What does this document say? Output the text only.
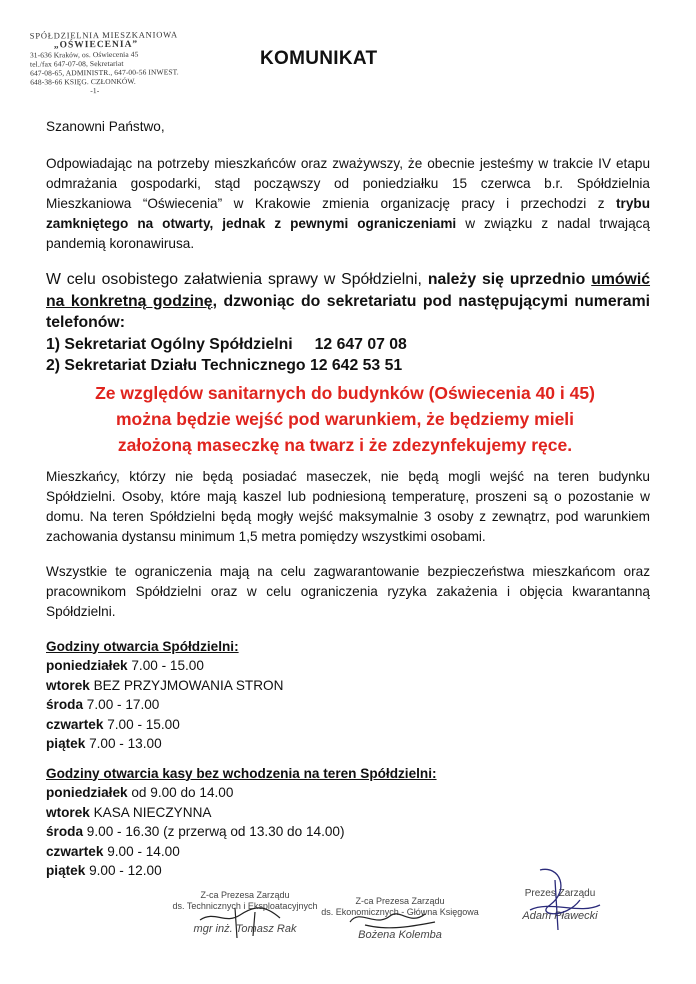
SPÓŁDZIELNIA MIESZKANIOWA
„OŚWIECENIA”
31-636 Kraków, os. Oświecenia 45
tel./fax 647-07-08, Sekretariat
647-08-65, ADMINISTR., 647-00-56 INWEST.
648-38-66 KSIĘG. CZŁONKÓW.
-1-
KOMUNIKAT

Szanowni Państwo,

Odpowiadając na potrzeby mieszkańców oraz zważywszy, że obecnie jesteśmy w trakcie IV etapu odmrażania gospodarki, stąd począwszy od poniedziałku 15 czerwca b.r. Spółdzielnia Mieszkaniowa “Oświecenia” w Krakowie zmienia organizację pracy i przechodzi z trybu zamkniętego na otwarty, jednak z pewnymi ograniczeniami w związku z nadal trwającą pandemią koronawirusa.

W celu osobistego załatwienia sprawy w Spółdzielni, należy się uprzednio umówić na konkretną godzinę, dzwoniąc do sekretariatu pod następującymi numerami telefonów:

1) Sekretariat Ogólny Spółdzielni     12 647 07 08
2) Sekretariat Działu Technicznego 12 642 53 51
Ze względów sanitarnych do budynków (Oświecenia 40 i 45)
można będzie wejść pod warunkiem, że będziemy mieli
założoną maseczkę na twarz i że zdezynfekujemy ręce.

Mieszkańcy, którzy nie będą posiadać maseczek, nie będą mogli wejść na teren budynku Spółdzielni. Osoby, które mają kaszel lub podniesioną temperaturę, proszeni są o pozostanie w domu. Na teren Spółdzielni będą mogły wejść maksymalnie 3 osoby z zewnątrz, pod warunkiem zachowania dystansu minimum 1,5 metra pomiędzy wszystkimi osobami.

Wszystkie te ograniczenia mają na celu zagwarantowanie bezpieczeństwa mieszkańcom oraz pracownikom Spółdzielni oraz w celu ograniczenia ryzyka zakażenia i objęcia kwarantanną Spółdzielni.

Godziny otwarcia Spółdzielni:
poniedziałek 7.00 - 15.00
wtorek BEZ PRZYJMOWANIA STRON
środa 7.00 - 17.00
czwartek 7.00 - 15.00
piątek 7.00 - 13.00
Godziny otwarcia kasy bez wchodzenia na teren Spółdzielni:
poniedziałek od 9.00 do 14.00
wtorek KASA NIECZYNNA
środa 9.00 - 16.30 (z przerwą od 13.30 do 14.00)
czwartek 9.00 - 14.00
piątek 9.00 - 12.00
Z-ca Prezesa Zarządu
ds. Technicznych i Eksploatacyjnych
mgr inż. Tomasz Rak
Z-ca Prezesa Zarządu
ds. Ekonomicznych - Główna Księgowa
Bożena Kolemba
Prezes Zarządu
Adam Pławecki
